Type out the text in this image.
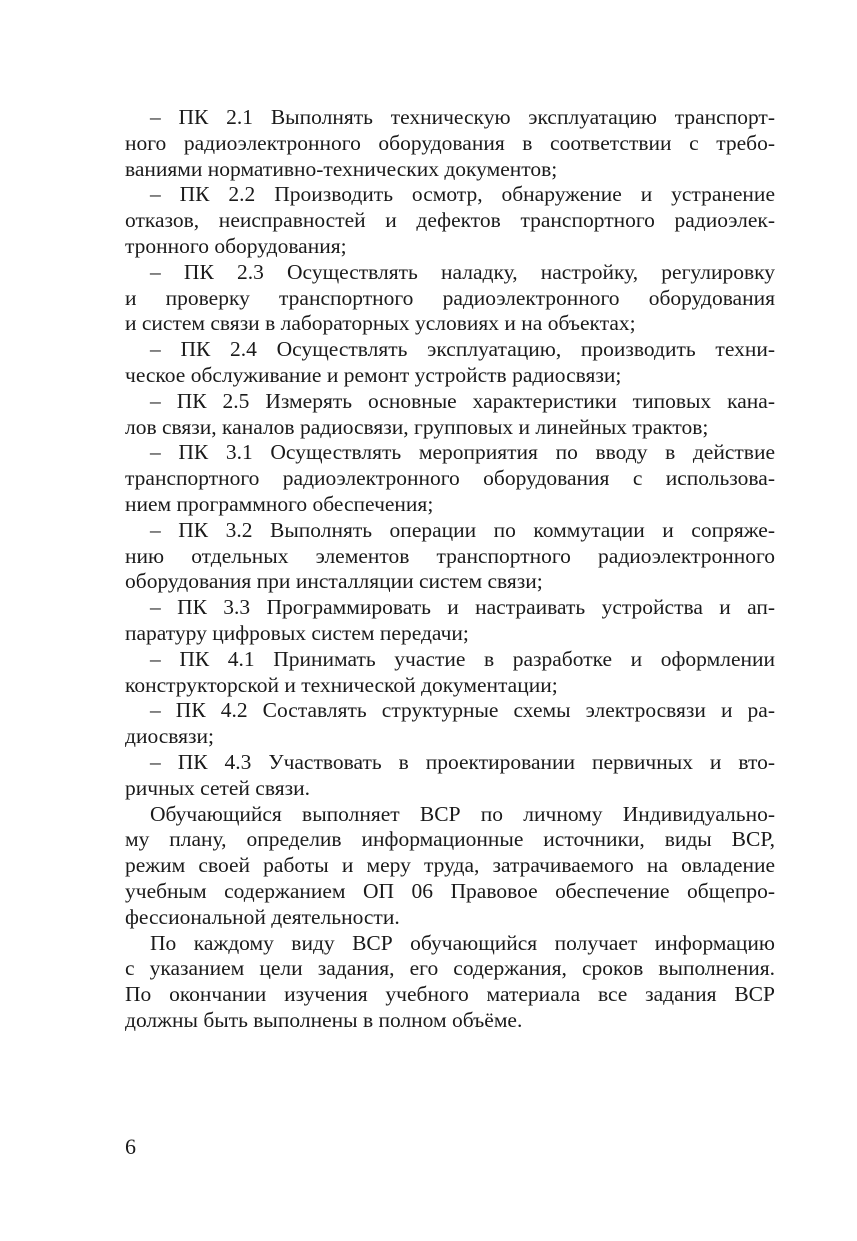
– ПК 2.1 Выполнять техническую эксплуатацию транспорт-
ного радиоэлектронного оборудования в соответствии с требо-
ваниями нормативно-технических документов;
– ПК 2.2 Производить осмотр, обнаружение и устранение
отказов, неисправностей и дефектов транспортного радиоэлек-
тронного оборудования;
– ПК 2.3 Осуществлять наладку, настройку, регулировку
и проверку транспортного радиоэлектронного оборудования
и систем связи в лабораторных условиях и на объектах;
– ПК 2.4 Осуществлять эксплуатацию, производить техни-
ческое обслуживание и ремонт устройств радиосвязи;
– ПК 2.5 Измерять основные характеристики типовых кана-
лов связи, каналов радиосвязи, групповых и линейных трактов;
– ПК 3.1 Осуществлять мероприятия по вводу в действие
транспортного радиоэлектронного оборудования с использова-
нием программного обеспечения;
– ПК 3.2 Выполнять операции по коммутации и сопряже-
нию отдельных элементов транспортного радиоэлектронного
оборудования при инсталляции систем связи;
– ПК 3.3 Программировать и настраивать устройства и ап-
паратуру цифровых систем передачи;
– ПК 4.1 Принимать участие в разработке и оформлении
конструкторской и технической документации;
– ПК 4.2 Составлять структурные схемы электросвязи и ра-
диосвязи;
– ПК 4.3 Участвовать в проектировании первичных и вто-
ричных сетей связи.
Обучающийся выполняет ВСР по личному Индивидуально-
му плану, определив информационные источники, виды ВСР,
режим своей работы и меру труда, затрачиваемого на овладение
учебным содержанием ОП 06 Правовое обеспечение общепро-
фессиональной деятельности.
По каждому виду ВСР обучающийся получает информацию
с указанием цели задания, его содержания, сроков выполнения.
По окончании изучения учебного материала все задания ВСР
должны быть выполнены в полном объёме.
6
